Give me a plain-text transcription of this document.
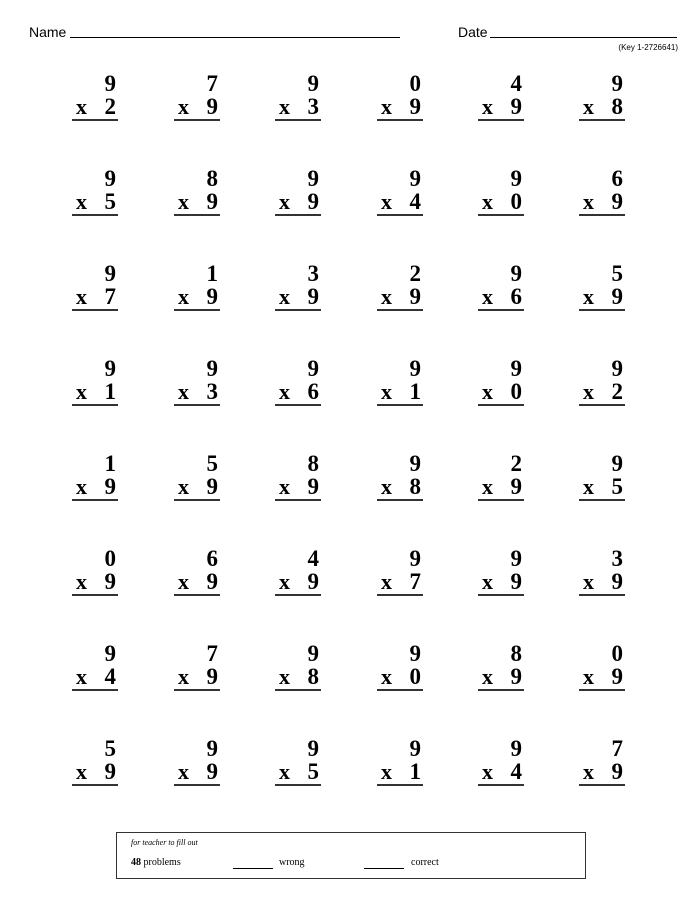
Name	Date
(Key 1-2726641)
9
x 2
7
x 9
9
x 3
0
x 9
4
x 9
9
x 8
9
x 5
8
x 9
9
x 9
9
x 4
9
x 0
6
x 9
9
x 7
1
x 9
3
x 9
2
x 9
9
x 6
5
x 9
9
x 1
9
x 3
9
x 6
9
x 1
9
x 0
9
x 2
1
x 9
5
x 9
8
x 9
9
x 8
2
x 9
9
x 5
0
x 9
6
x 9
4
x 9
9
x 7
9
x 9
3
x 9
9
x 4
7
x 9
9
x 8
9
x 0
8
x 9
0
x 9
5
x 9
9
x 9
9
x 5
9
x 1
9
x 4
7
x 9
for teacher to fill out
48 problems	wrong	correct
